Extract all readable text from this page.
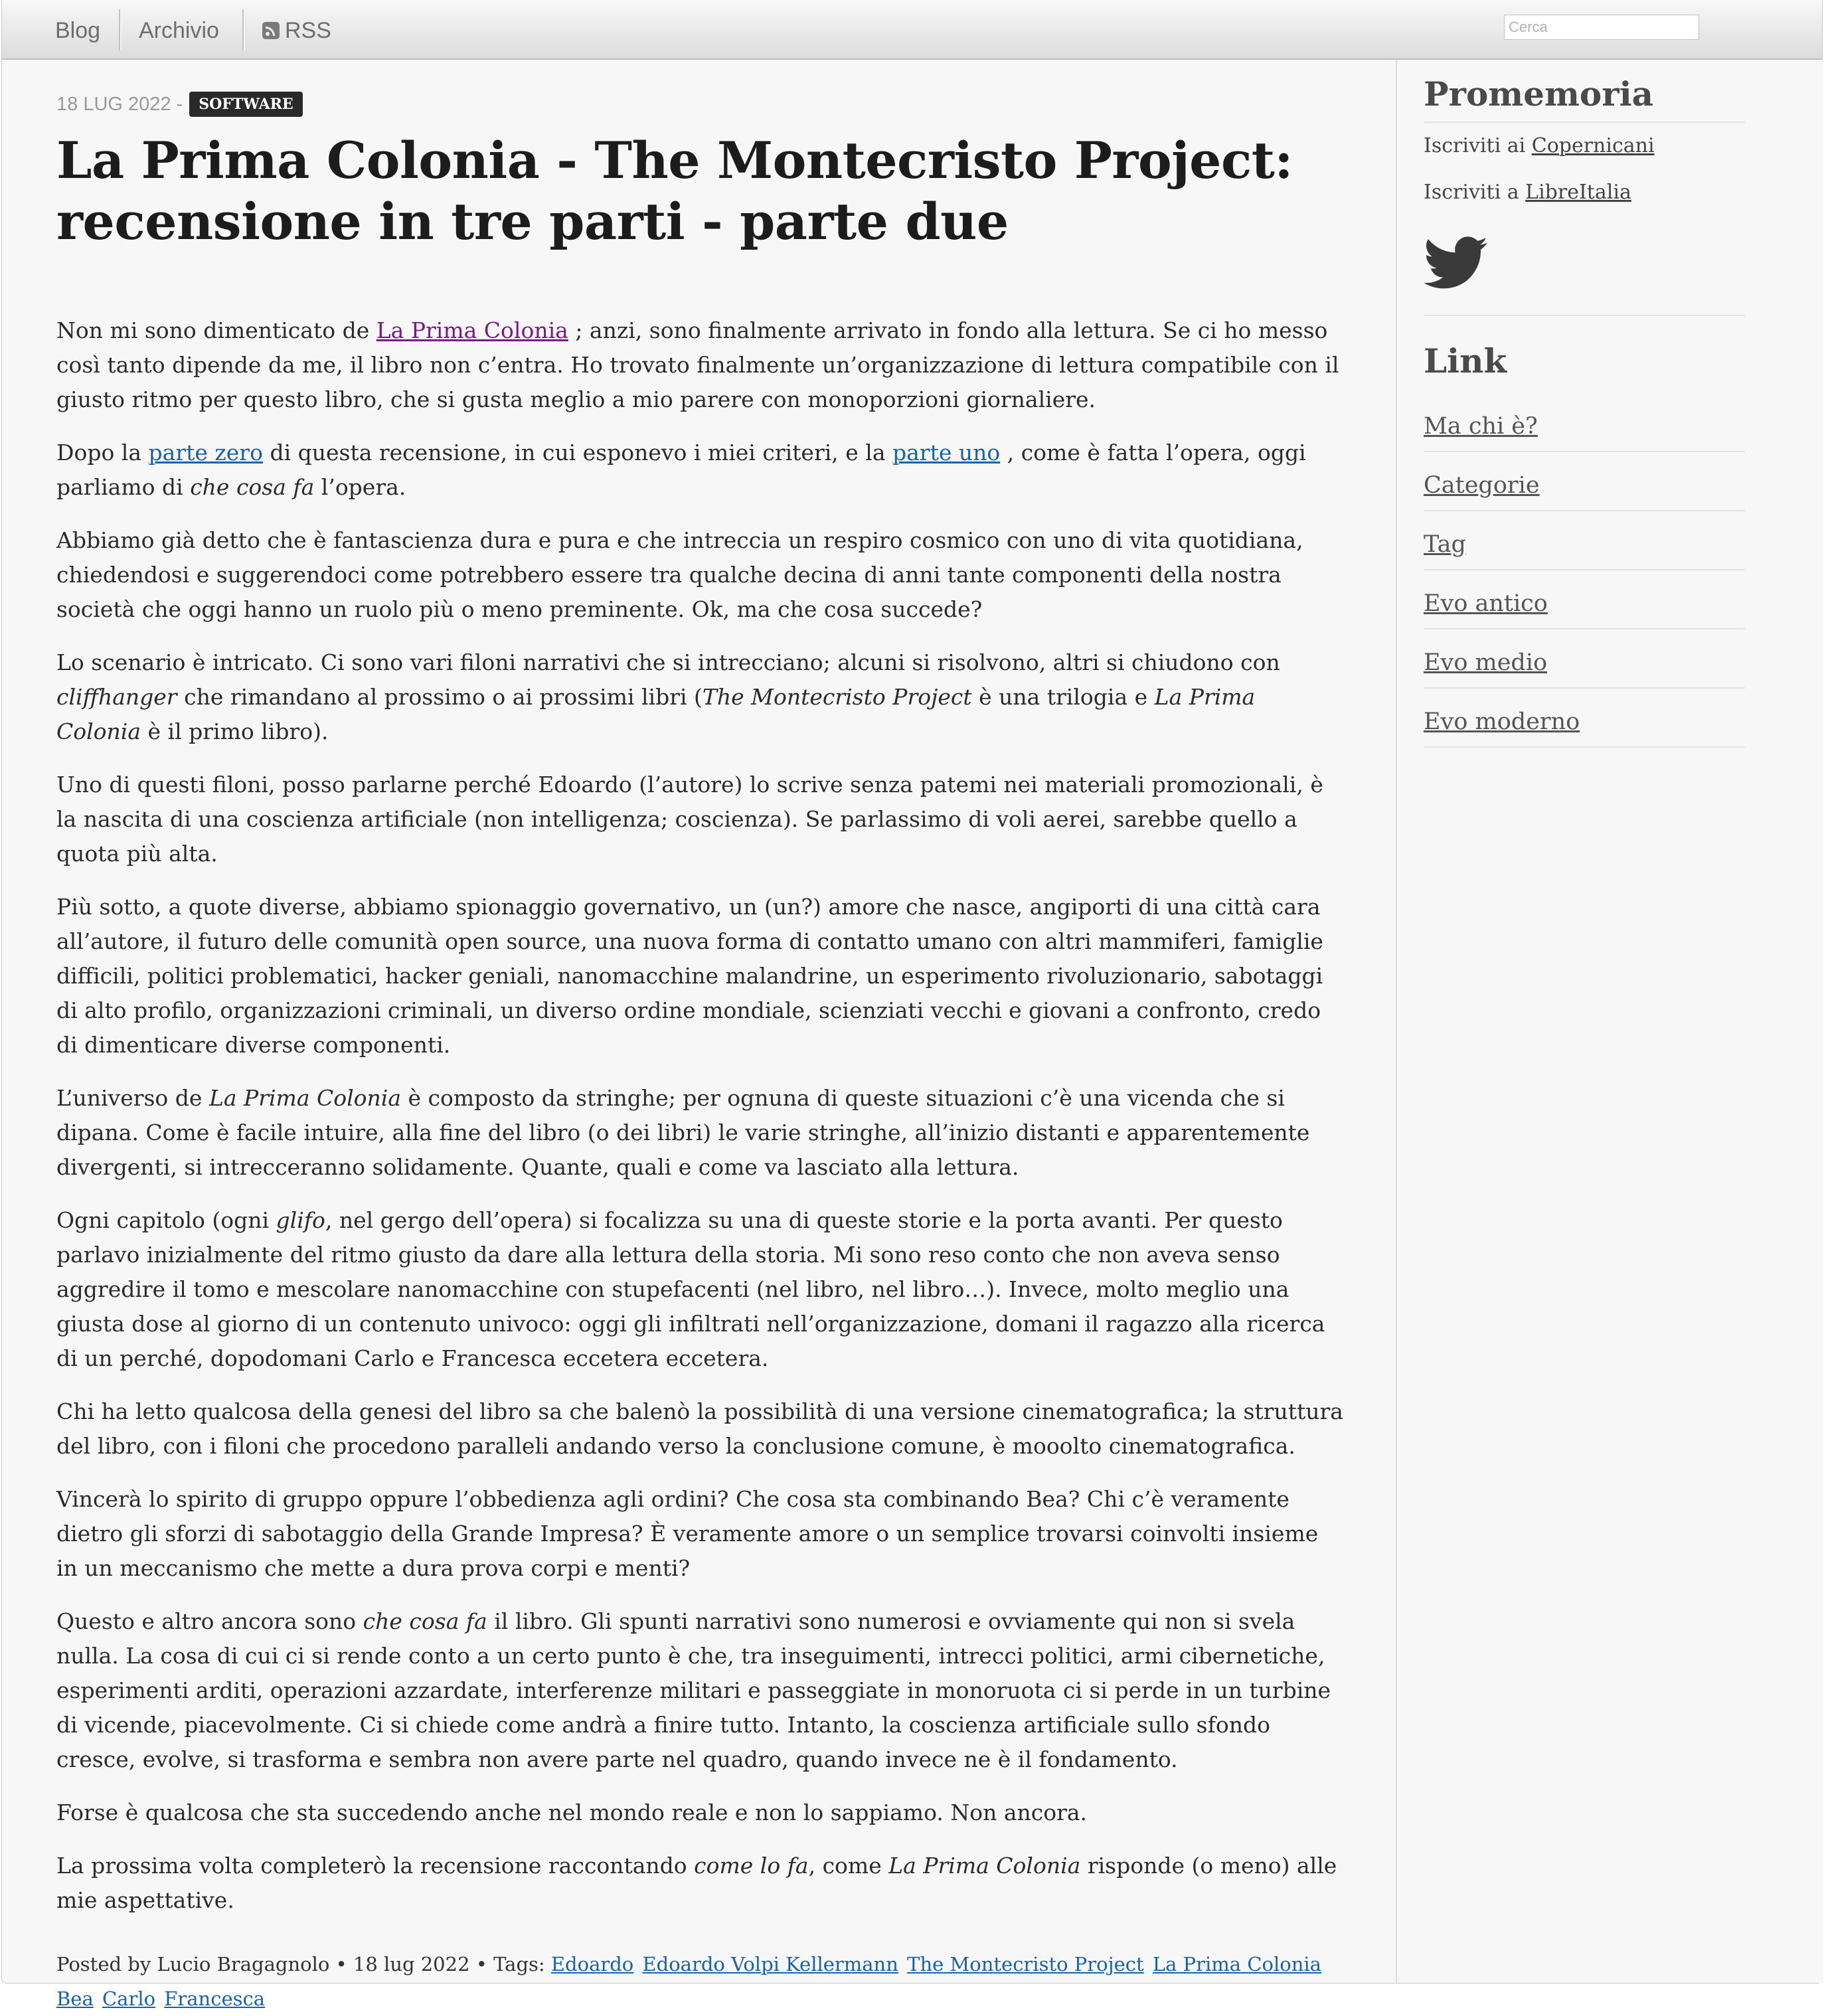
Blog Archivio	RSS
Cerca
18 LUG 2022 - SOFTWARE
La Prima Colonia - The Montecristo Project:
recensione in tre parti - parte due

Non mi sono dimenticato de La Prima Colonia ; anzi, sono finalmente arrivato in fondo alla lettura. Se ci ho messo così tanto dipende da me, il libro non c’entra. Ho trovato finalmente un’organizzazione di lettura compatibile con il giusto ritmo per questo libro, che si gusta meglio a mio parere con monoporzioni giornaliere.

Dopo la parte zero di questa recensione, in cui esponevo i miei criteri, e la parte uno , come è fatta l’opera, oggi parliamo di che cosa fa l’opera.

Abbiamo già detto che è fantascienza dura e pura e che intreccia un respiro cosmico con uno di vita quotidiana, chiedendosi e suggerendoci come potrebbero essere tra qualche decina di anni tante componenti della nostra società che oggi hanno un ruolo più o meno preminente. Ok, ma che cosa succede?

Lo scenario è intricato. Ci sono vari filoni narrativi che si intrecciano; alcuni si risolvono, altri si chiudono con cliffhanger che rimandano al prossimo o ai prossimi libri (The Montecristo Project è una trilogia e La Prima Colonia è il primo libro).

Uno di questi filoni, posso parlarne perché Edoardo (l’autore) lo scrive senza patemi nei materiali promozionali, è la nascita di una coscienza artificiale (non intelligenza; coscienza). Se parlassimo di voli aerei, sarebbe quello a quota più alta.

Più sotto, a quote diverse, abbiamo spionaggio governativo, un (un?) amore che nasce, angiporti di una città cara all’autore, il futuro delle comunità open source, una nuova forma di contatto umano con altri mammiferi, famiglie difficili, politici problematici, hacker geniali, nanomacchine malandrine, un esperimento rivoluzionario, sabotaggi di alto profilo, organizzazioni criminali, un diverso ordine mondiale, scienziati vecchi e giovani a confronto, credo di dimenticare diverse componenti.

L’universo de La Prima Colonia è composto da stringhe; per ognuna di queste situazioni c’è una vicenda che si dipana. Come è facile intuire, alla fine del libro (o dei libri) le varie stringhe, all’inizio distanti e apparentemente divergenti, si intrecceranno solidamente. Quante, quali e come va lasciato alla lettura.

Ogni capitolo (ogni glifo, nel gergo dell’opera) si focalizza su una di queste storie e la porta avanti. Per questo parlavo inizialmente del ritmo giusto da dare alla lettura della storia. Mi sono reso conto che non aveva senso aggredire il tomo e mescolare nanomacchine con stupefacenti (nel libro, nel libro…). Invece, molto meglio una giusta dose al giorno di un contenuto univoco: oggi gli infiltrati nell’organizzazione, domani il ragazzo alla ricerca di un perché, dopodomani Carlo e Francesca eccetera eccetera.

Chi ha letto qualcosa della genesi del libro sa che balenò la possibilità di una versione cinematografica; la struttura del libro, con i filoni che procedono paralleli andando verso la conclusione comune, è mooolto cinematografica.

Vincerà lo spirito di gruppo oppure l’obbedienza agli ordini? Che cosa sta combinando Bea? Chi c’è veramente dietro gli sforzi di sabotaggio della Grande Impresa? È veramente amore o un semplice trovarsi coinvolti insieme in un meccanismo che mette a dura prova corpi e menti?

Questo e altro ancora sono che cosa fa il libro. Gli spunti narrativi sono numerosi e ovviamente qui non si svela nulla. La cosa di cui ci si rende conto a un certo punto è che, tra inseguimenti, intrecci politici, armi cibernetiche, esperimenti arditi, operazioni azzardate, interferenze militari e passeggiate in monoruota ci si perde in un turbine di vicende, piacevolmente. Ci si chiede come andrà a finire tutto. Intanto, la coscienza artificiale sullo sfondo cresce, evolve, si trasforma e sembra non avere parte nel quadro, quando invece ne è il fondamento.

Forse è qualcosa che sta succedendo anche nel mondo reale e non lo sappiamo. Non ancora.

La prossima volta completerò la recensione raccontando come lo fa, come La Prima Colonia risponde (o meno) alle mie aspettative.

Posted by Lucio Bragagnolo • 18 lug 2022 • Tags: Edoardo Edoardo Volpi Kellermann The Montecristo Project La Prima Colonia Bea Carlo Francesca
Promemoria

Iscriviti ai Copernicani

Iscriviti a LibreItalia

Link
Ma chi è?
Categorie
Tag
Evo antico
Evo medio
Evo moderno
